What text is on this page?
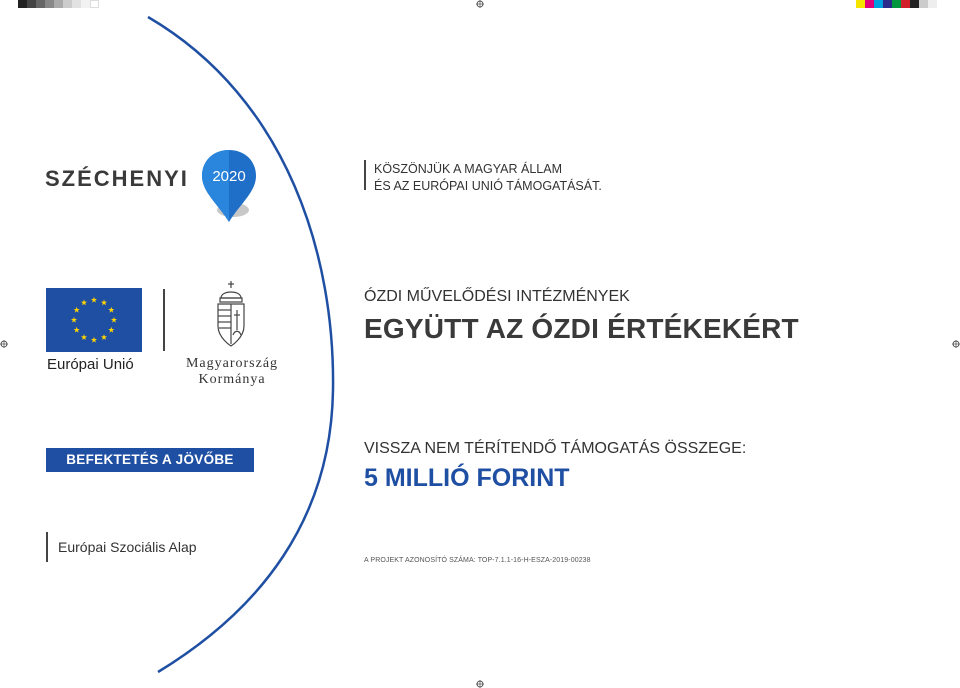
SZÉCHENYI 2020
Európai Unió	Magyarország
Kormánya
BEFEKTETÉS A JÖVŐBE
Európai Szociális Alap
KÖSZÖNJÜK A MAGYAR ÁLLAM
ÉS AZ EURÓPAI UNIÓ TÁMOGATÁSÁT.
ÓZDI MŰVELŐDÉSI INTÉZMÉNYEK
EGYÜTT AZ ÓZDI ÉRTÉKEKÉRT
VISSZA NEM TÉRÍTENDŐ TÁMOGATÁS ÖSSZEGE:
5 MILLIÓ FORINT
A PROJEKT AZONOSÍTÓ SZÁMA: TOP-7.1.1-16-H-ESZA-2019-00238
